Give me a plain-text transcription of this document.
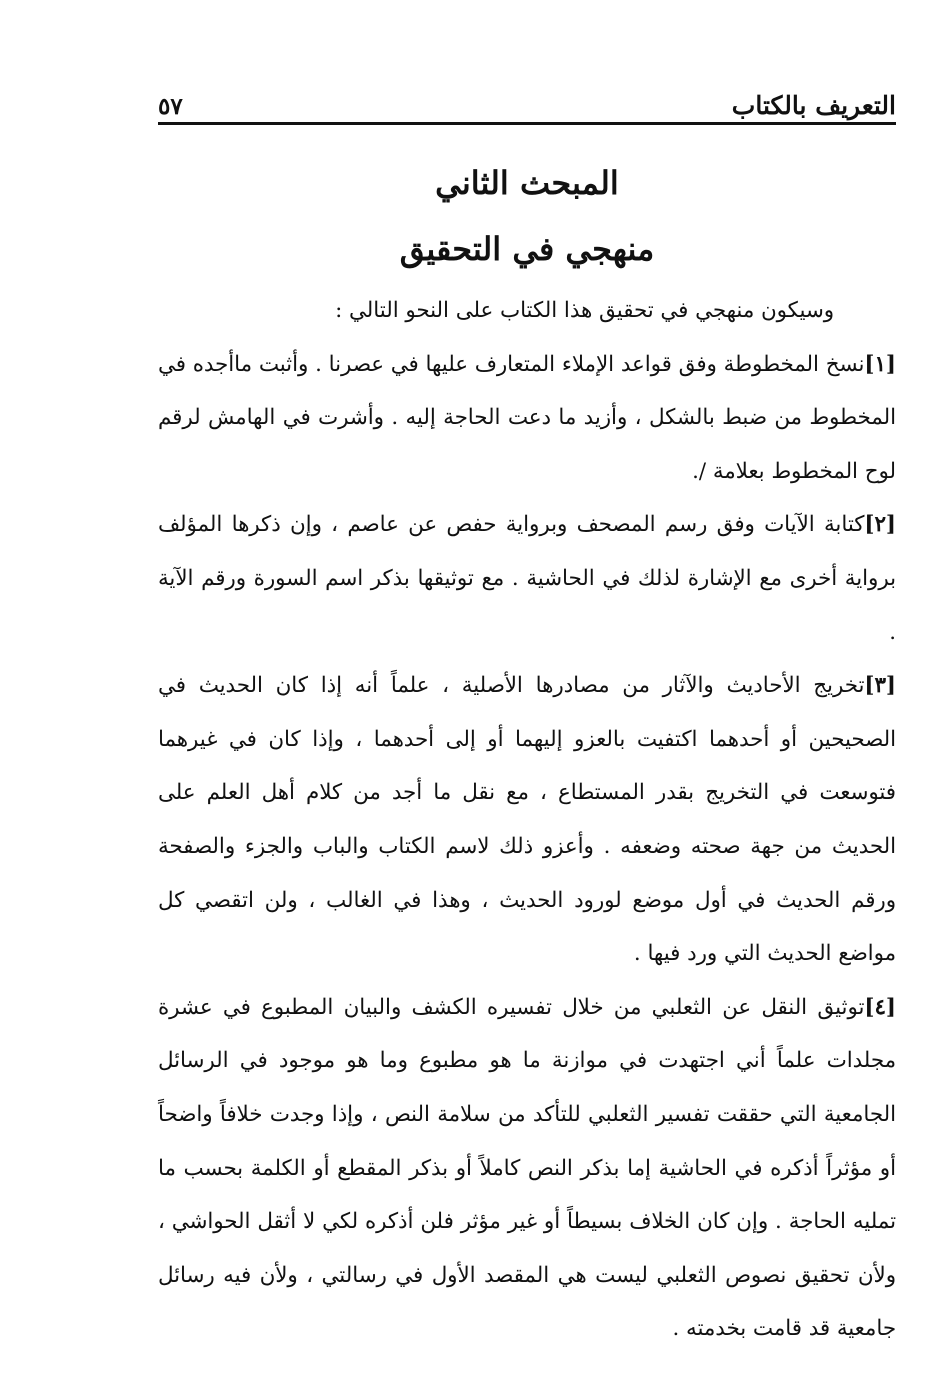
التعريف بالكتاب
٥٧
المبحث الثاني
منهجي في التحقيق

وسيكون منهجي في تحقيق هذا الكتاب على النحو التالي :

[١]نسخ المخطوطة وفق قواعد الإملاء المتعارف عليها في عصرنا . وأثبت ماأجده في المخطوط من ضبط بالشكل ، وأزيد ما دعت الحاجة إليه . وأشرت في الهامش لرقم لوح المخطوط بعلامة /.

[٢]كتابة الآيات وفق رسم المصحف وبرواية حفص عن عاصم ، وإن ذكرها المؤلف برواية أخرى مع الإشارة لذلك في الحاشية . مع توثيقها بذكر اسم السورة ورقم الآية .

[٣]تخريج الأحاديث والآثار من مصادرها الأصلية ، علماً أنه إذا كان الحديث في الصحيحين أو أحدهما اكتفيت بالعزو إليهما أو إلى أحدهما ، وإذا كان في غيرهما فتوسعت في التخريج بقدر المستطاع ، مع نقل ما أجد من كلام أهل العلم على الحديث من جهة صحته وضعفه . وأعزو ذلك لاسم الكتاب والباب والجزء والصفحة ورقم الحديث في أول موضع لورود الحديث ، وهذا في الغالب ، ولن اتقصي كل مواضع الحديث التي ورد فيها .

[٤]توثيق النقل عن الثعلبي من خلال تفسيره الكشف والبيان المطبوع في عشرة مجلدات علماً أني اجتهدت في موازنة ما هو مطبوع وما هو موجود في الرسائل الجامعية التي حققت تفسير الثعلبي للتأكد من سلامة النص ، وإذا وجدت خلافاً واضحاً أو مؤثراً أذكره في الحاشية إما بذكر النص كاملاً أو بذكر المقطع أو الكلمة بحسب ما تمليه الحاجة . وإن كان الخلاف بسيطاً أو غير مؤثر فلن أذكره لكي لا أثقل الحواشي ، ولأن تحقيق نصوص الثعلبي ليست هي المقصد الأول في رسالتي ، ولأن فيه رسائل جامعية قد قامت بخدمته .
